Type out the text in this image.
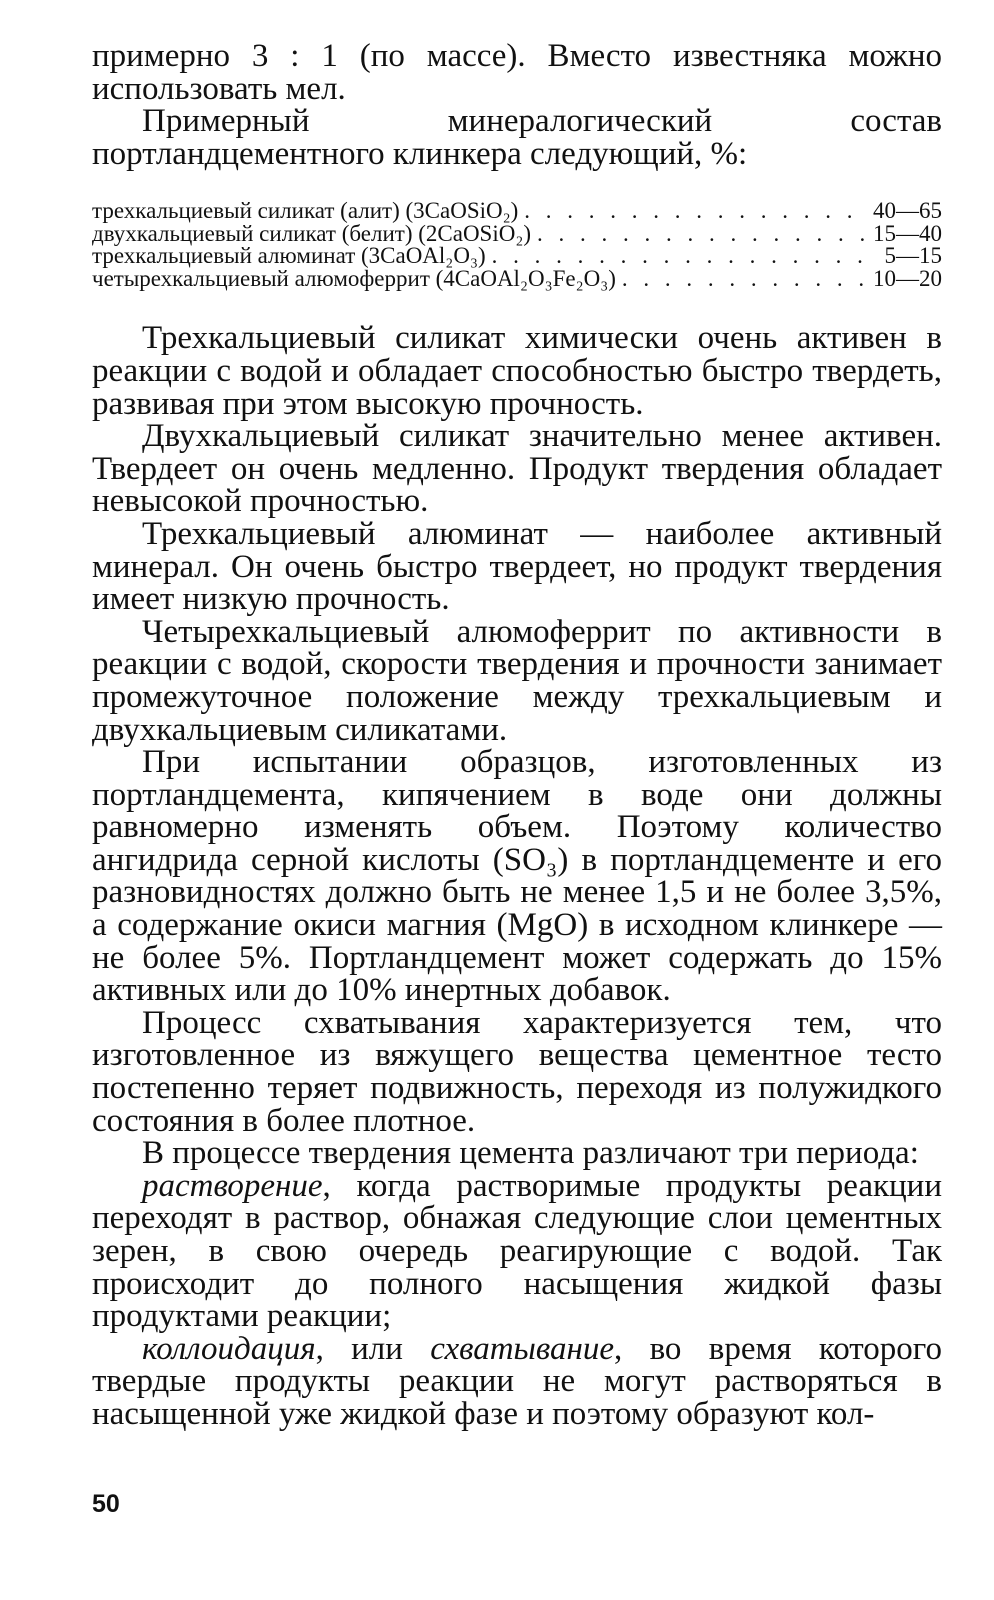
примерно 3 : 1 (по массе). Вместо известняка можно использовать мел.

Примерный минералогический состав портландцементного клинкера следующий, %:

трехкальциевый силикат (алит) (3CaOSiO₂) . . .	40—65
двухкальциевый силикат (белит) (2CaOSiO₂) . . .	15—40
трехкальциевый алюминат (3CaOAl₂O₃) . . .	5—15
четырехкальциевый алюмоферрит (4CaOAl₂O₃Fe₂O₃) . . .	10—20

Трехкальциевый силикат химически очень активен в реакции с водой и обладает способностью быстро твердеть, развивая при этом высокую прочность.

Двухкальциевый силикат значительно менее активен. Твердеет он очень медленно. Продукт твердения обладает невысокой прочностью.

Трехкальциевый алюминат — наиболее активный минерал. Он очень быстро твердеет, но продукт твердения имеет низкую прочность.

Четырехкальциевый алюмоферрит по активности в реакции с водой, скорости твердения и прочности занимает промежуточное положение между трехкальциевым и двухкальциевым силикатами.

При испытании образцов, изготовленных из портландцемента, кипячением в воде они должны равномерно изменять объем. Поэтому количество ангидрида серной кислоты (SO₃) в портландцементе и его разновидностях должно быть не менее 1,5 и не более 3,5%, а содержание окиси магния (MgO) в исходном клинкере — не более 5%. Портландцемент может содержать до 15% активных или до 10% инертных добавок.

Процесс схватывания характеризуется тем, что изготовленное из вяжущего вещества цементное тесто постепенно теряет подвижность, переходя из полужидкого состояния в более плотное.

В процессе твердения цемента различают три периода:

растворение, когда растворимые продукты реакции переходят в раствор, обнажая следующие слои цементных зерен, в свою очередь реагирующие с водой. Так происходит до полного насыщения жидкой фазы продуктами реакции;

коллоидация, или схватывание, во время которого твердые продукты реакции не могут растворяться в насыщенной уже жидкой фазе и поэтому образуют кол-

50
